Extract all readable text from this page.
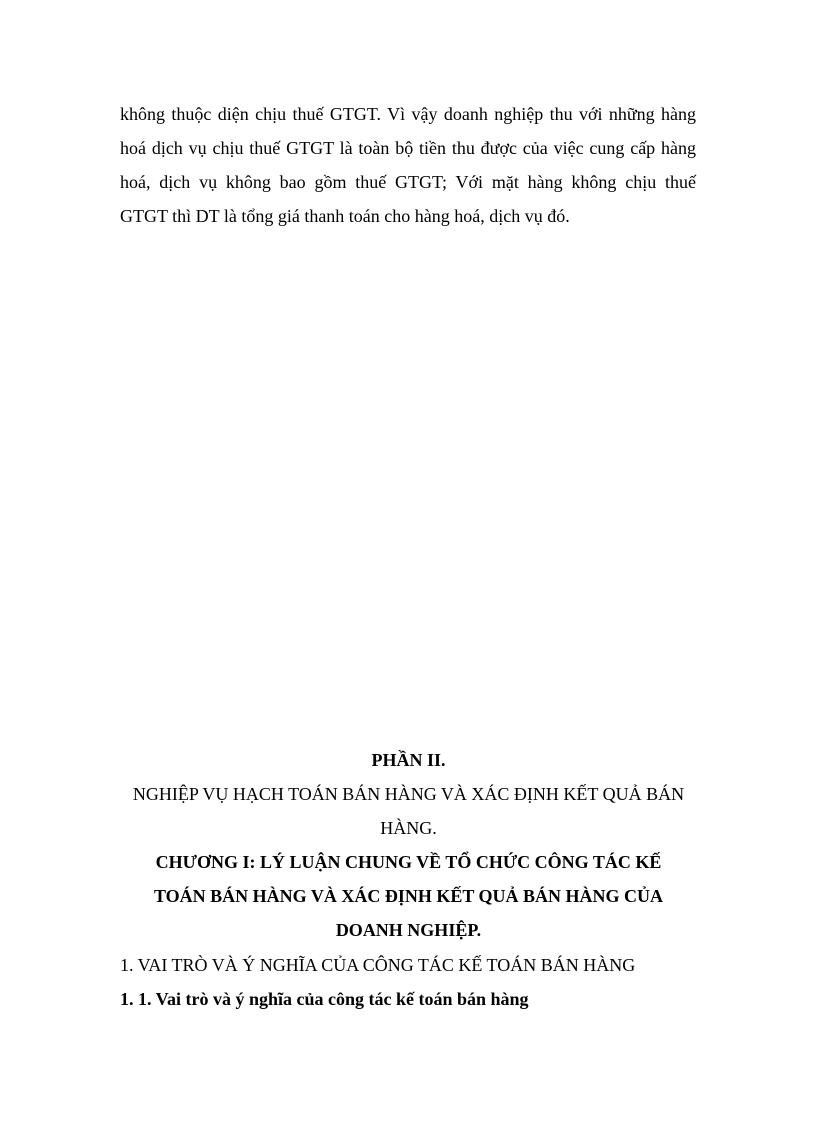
không thuộc diện chịu thuế GTGT. Vì vậy doanh nghiệp thu với những hàng
hoá dịch vụ chịu thuế GTGT là toàn bộ tiền thu được của việc cung cấp hàng
hoá, dịch vụ không bao gồm thuế GTGT; Với mặt hàng không chịu thuế
GTGT thì DT là tổng giá thanh toán cho hàng hoá, dịch vụ đó.
PHẦN II.
NGHIỆP VỤ HẠCH TOÁN BÁN HÀNG VÀ XÁC ĐỊNH KẾT QUẢ BÁN
HÀNG.
CHƯƠNG I: LÝ LUẬN CHUNG VỀ TỔ CHỨC CÔNG TÁC KẾ
TOÁN BÁN HÀNG VÀ XÁC ĐỊNH KẾT QUẢ BÁN HÀNG CỦA
DOANH NGHIỆP.
1. VAI TRÒ VÀ Ý NGHĨA CỦA CÔNG TÁC KẾ TOÁN BÁN HÀNG
1. 1. Vai trò và ý nghĩa của công tác kế toán bán hàng
